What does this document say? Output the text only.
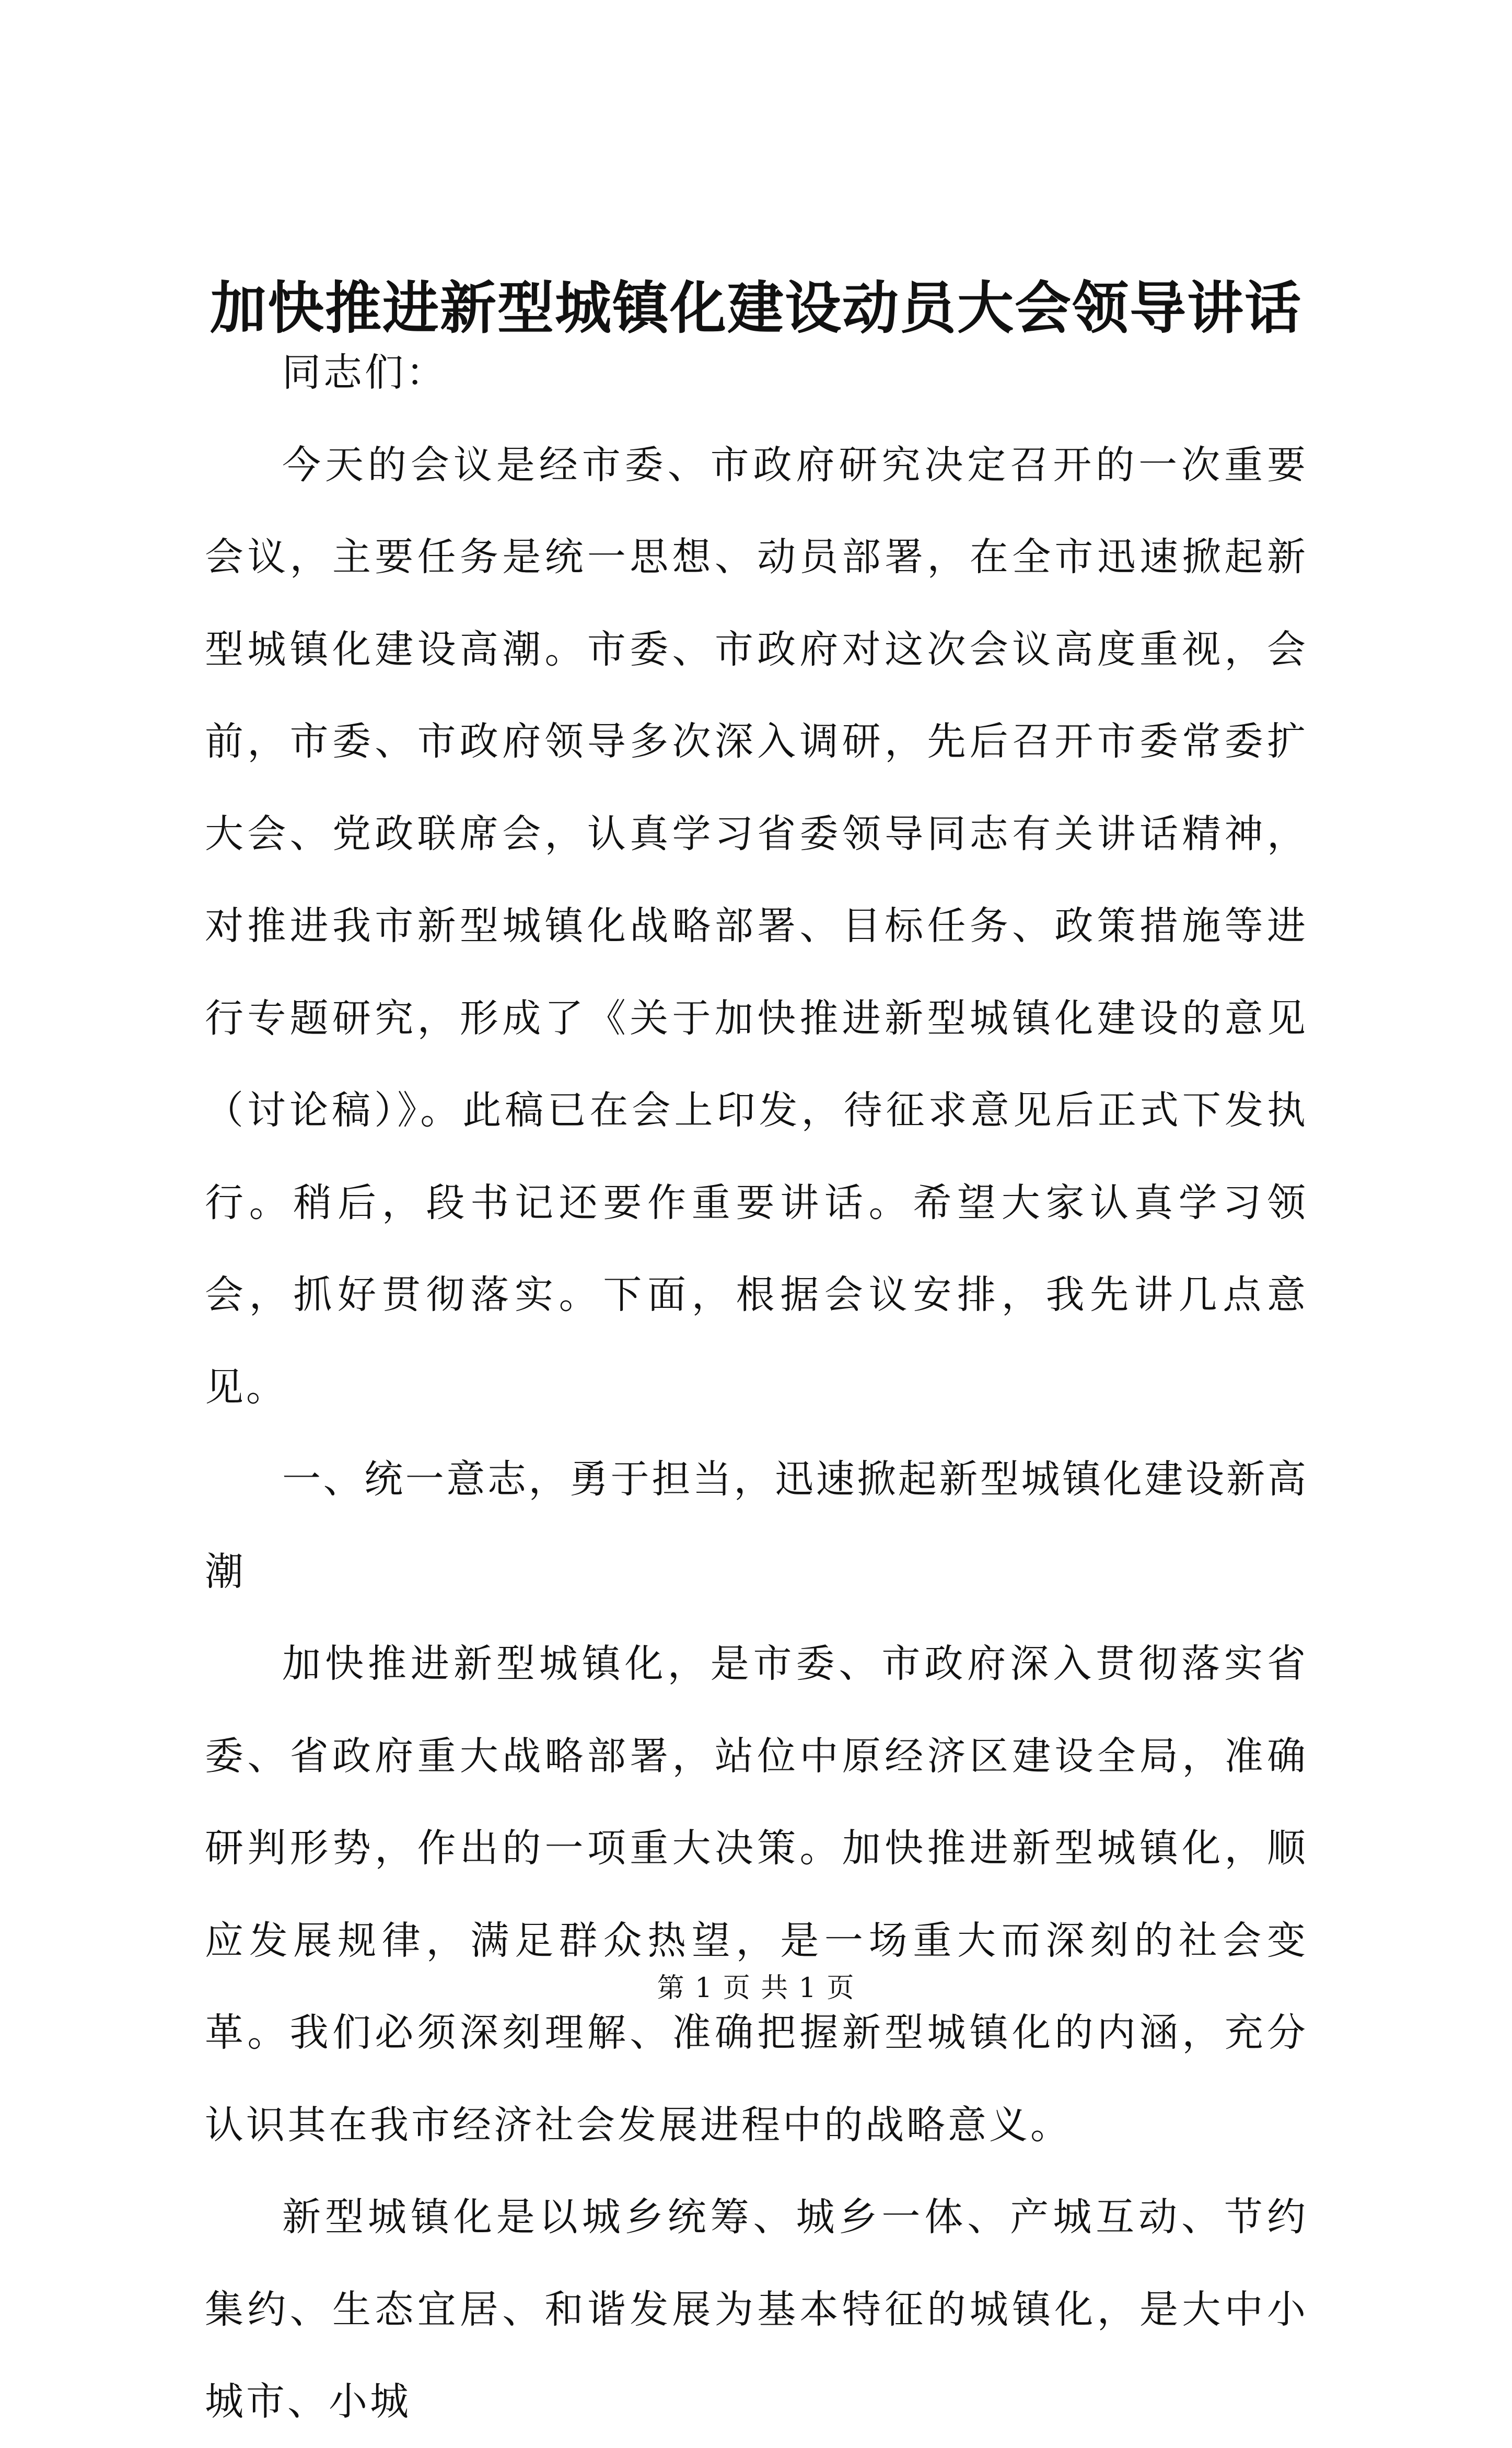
加快推进新型城镇化建设动员大会领导讲话

同志们：

今天的会议是经市委、市政府研究决定召开的一次重要会议，主要任务是统一思想、动员部署，在全市迅速掀起新型城镇化建设高潮。市委、市政府对这次会议高度重视，会前，市委、市政府领导多次深入调研，先后召开市委常委扩大会、党政联席会，认真学习省委领导同志有关讲话精神，对推进我市新型城镇化战略部署、目标任务、政策措施等进行专题研究，形成了《关于加快推进新型城镇化建设的意见（讨论稿）》。此稿已在会上印发，待征求意见后正式下发执行。稍后，段书记还要作重要讲话。希望大家认真学习领会，抓好贯彻落实。下面，根据会议安排，我先讲几点意见。

一、统一意志，勇于担当，迅速掀起新型城镇化建设新高潮

加快推进新型城镇化，是市委、市政府深入贯彻落实省委、省政府重大战略部署，站位中原经济区建设全局，准确研判形势，作出的一项重大决策。加快推进新型城镇化，顺应发展规律，满足群众热望，是一场重大而深刻的社会变革。我们必须深刻理解、准确把握新型城镇化的内涵，充分认识其在我市经济社会发展进程中的战略意义。

新型城镇化是以城乡统筹、城乡一体、产城互动、节约集约、生态宜居、和谐发展为基本特征的城镇化，是大中小城市、小城

第 1 页 共 1 页
